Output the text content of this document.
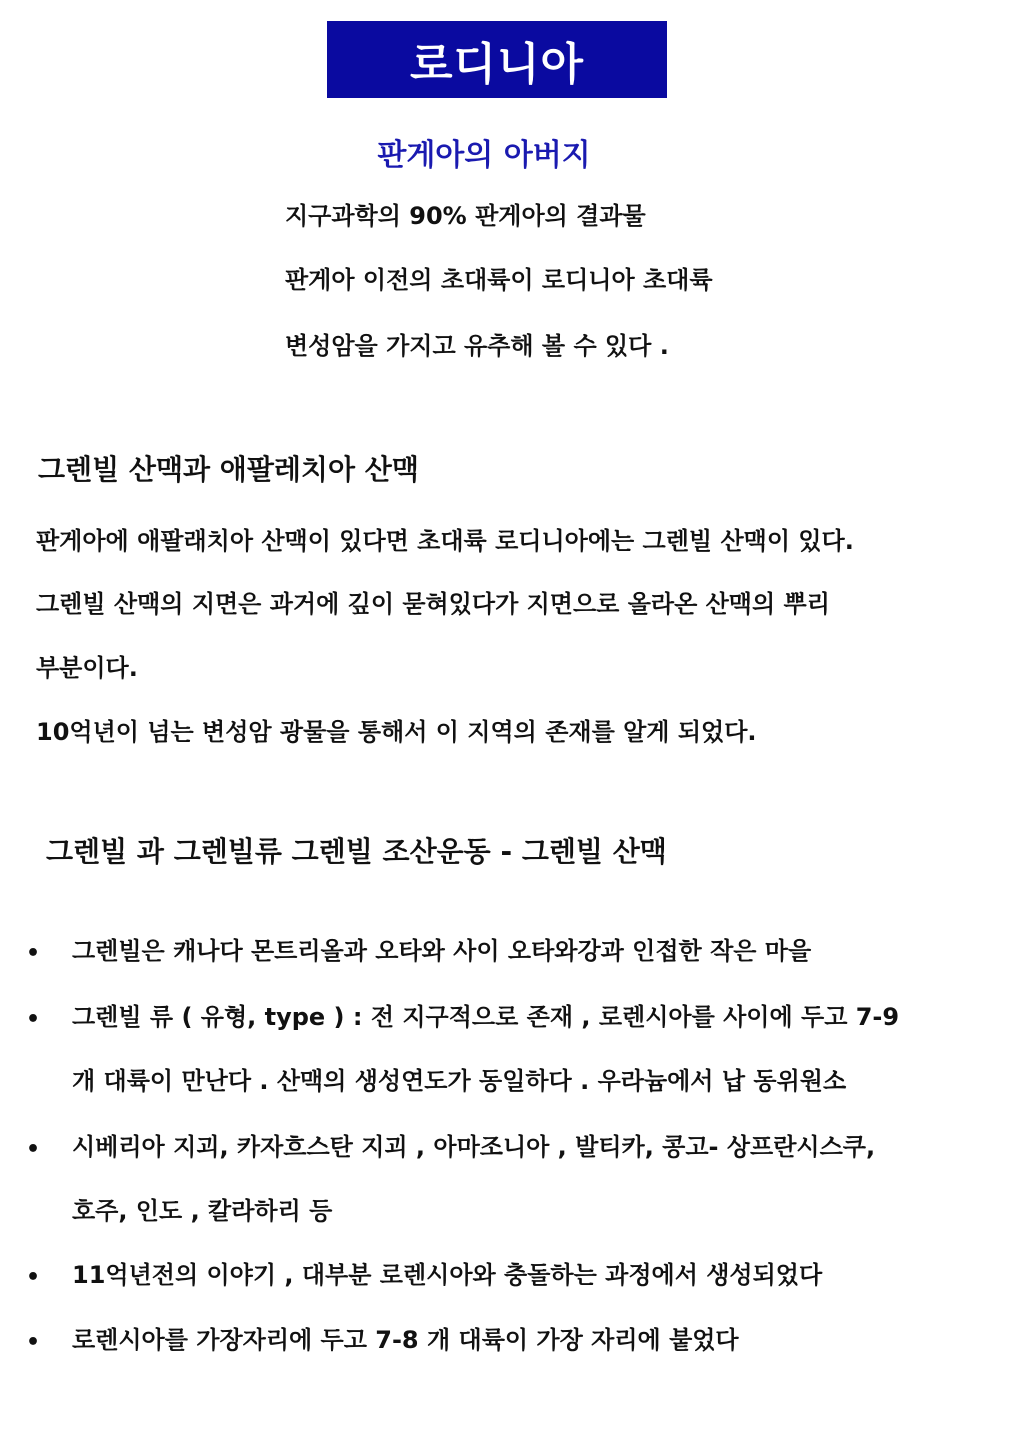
로디니아
판게아의 아버지
지구과학의 90% 판게아의 결과물
판게아 이전의 초대륙이 로디니아 초대륙
변성암을 가지고 유추해 볼 수 있다 .
그렌빌 산맥과 애팔레치아 산맥
판게아에 애팔래치아 산맥이 있다면 초대륙 로디니아에는 그렌빌 산맥이 있다.
그렌빌 산맥의 지면은 과거에 깊이 묻혀있다가 지면으로 올라온 산맥의 뿌리
부분이다.
10억년이 넘는 변성암 광물을 통해서 이 지역의 존재를 알게 되었다.
그렌빌 과 그렌빌류 그렌빌 조산운동 - 그렌빌 산맥
• 그렌빌은 캐나다 몬트리올과 오타와 사이 오타와강과 인접한 작은 마을
• 그렌빌 류 ( 유형, type ) : 전 지구적으로 존재 , 로렌시아를 사이에 두고 7-9
개 대륙이 만난다 . 산맥의 생성연도가 동일하다 . 우라늄에서 납 동위원소
• 시베리아 지괴, 카자흐스탄 지괴 , 아마조니아 , 발티카, 콩고- 상프란시스쿠,
호주, 인도 , 칼라하리 등
• 11억년전의 이야기 , 대부분 로렌시아와 충돌하는 과정에서 생성되었다
• 로렌시아를 가장자리에 두고 7-8 개 대륙이 가장 자리에 붙었다
